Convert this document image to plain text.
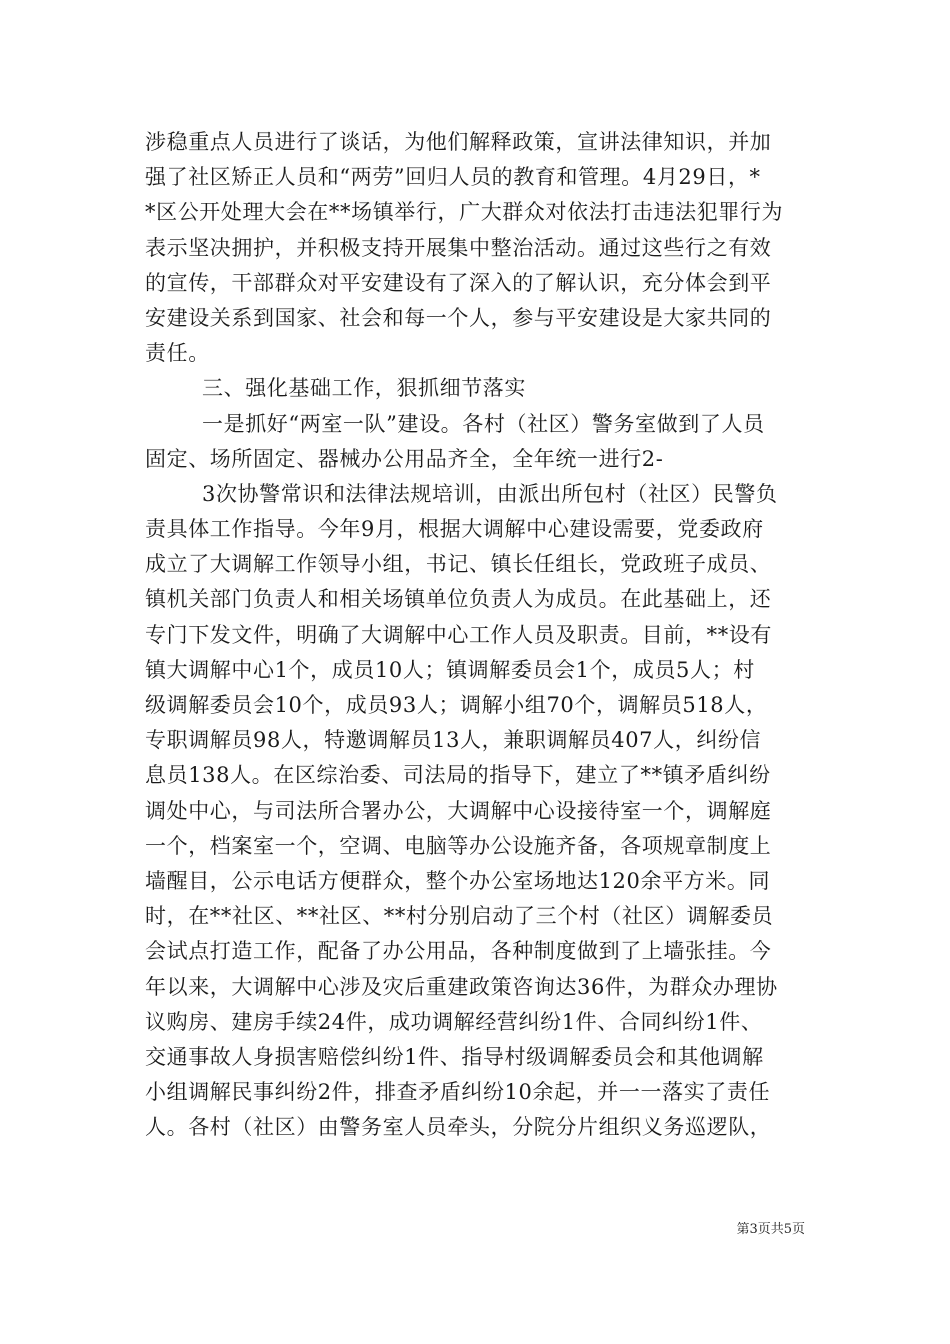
涉稳重点人员进行了谈话，为他们解释政策，宣讲法律知识，并加
强了社区矫正人员和“两劳”回归人员的教育和管理。4月29日，*
*区公开处理大会在**场镇举行，广大群众对依法打击违法犯罪行为
表示坚决拥护，并积极支持开展集中整治活动。通过这些行之有效
的宣传，干部群众对平安建设有了深入的了解认识，充分体会到平
安建设关系到国家、社会和每一个人，参与平安建设是大家共同的
责任。
三、强化基础工作，狠抓细节落实
一是抓好“两室一队”建设。各村（社区）警务室做到了人员
固定、场所固定、器械办公用品齐全，全年统一进行2-
3次协警常识和法律法规培训，由派出所包村（社区）民警负
责具体工作指导。今年9月，根据大调解中心建设需要，党委政府
成立了大调解工作领导小组，书记、镇长任组长，党政班子成员、
镇机关部门负责人和相关场镇单位负责人为成员。在此基础上，还
专门下发文件，明确了大调解中心工作人员及职责。目前，**设有
镇大调解中心1个，成员10人；镇调解委员会1个，成员5人；村
级调解委员会10个，成员93人；调解小组70个，调解员518人，
专职调解员98人，特邀调解员13人，兼职调解员407人，纠纷信
息员138人。在区综治委、司法局的指导下，建立了**镇矛盾纠纷
调处中心，与司法所合署办公，大调解中心设接待室一个，调解庭
一个，档案室一个，空调、电脑等办公设施齐备，各项规章制度上
墙醒目，公示电话方便群众，整个办公室场地达120余平方米。同
时，在**社区、**社区、**村分别启动了三个村（社区）调解委员
会试点打造工作，配备了办公用品，各种制度做到了上墙张挂。今
年以来，大调解中心涉及灾后重建政策咨询达36件，为群众办理协
议购房、建房手续24件，成功调解经营纠纷1件、合同纠纷1件、
交通事故人身损害赔偿纠纷1件、指导村级调解委员会和其他调解
小组调解民事纠纷2件，排查矛盾纠纷10余起，并一一落实了责任
人。各村（社区）由警务室人员牵头，分院分片组织义务巡逻队，
第3页共5页
